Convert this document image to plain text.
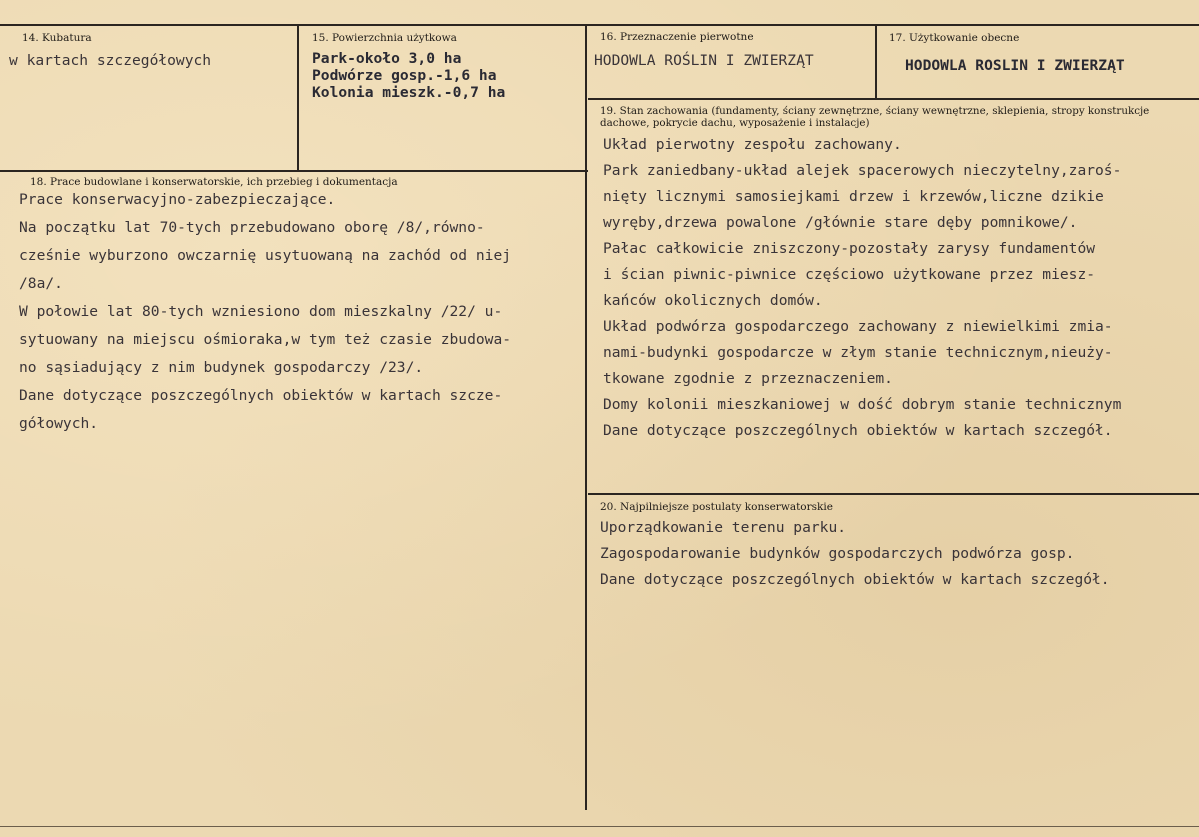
14. Kubatura
w kartach szczegółowych
15. Powierzchnia użytkowa
Park-około 3,0 ha
Podwórze gosp.-1,6 ha
Kolonia mieszk.-0,7 ha
16. Przeznaczenie pierwotne
HODOWLA ROŚLIN I ZWIERZĄT
17. Użytkowanie obecne
HODOWLA ROSLIN I ZWIERZĄT
18. Prace budowlane i konserwatorskie, ich przebieg i dokumentacja
Prace konserwacyjno-zabezpieczające.
Na początku lat 70-tych przebudowano oborę /8/,równo-
cześnie wyburzono owczarnię usytuowaną na zachód od niej
/8a/.
W połowie lat 80-tych wzniesiono dom mieszkalny /22/ u-
sytuowany na miejscu ośmioraka,w tym też czasie zbudowa-
no sąsiadujący z nim budynek gospodarczy /23/.
Dane dotyczące poszczególnych obiektów w kartach szcze-
gółowych.
19. Stan zachowania (fundamenty, ściany zewnętrzne, ściany wewnętrzne, sklepienia, stropy konstrukcje dachowe, pokrycie dachu, wyposażenie i instalacje)
Układ pierwotny zespołu zachowany.
Park zaniedbany-układ alejek spacerowych nieczytelny,zaroś-
nięty licznymi samosiejkami drzew i krzewów,liczne dzikie
wyręby,drzewa powalone /głównie stare dęby pomnikowe/.
Pałac całkowicie zniszczony-pozostały zarysy fundamentów
i ścian piwnic-piwnice częściowo użytkowane przez miesz-
kańców okolicznych domów.
Układ podwórza gospodarczego zachowany z niewielkimi zmia-
nami-budynki gospodarcze w złym stanie technicznym,nieuży-
tkowane zgodnie z przeznaczeniem.
Domy kolonii mieszkaniowej w dość dobrym stanie technicznym
Dane dotyczące poszczególnych obiektów w kartach szczegół.
20. Najpilniejsze postulaty konserwatorskie
Uporządkowanie terenu parku.
Zagospodarowanie budynków gospodarczych podwórza gosp.
Dane dotyczące poszczególnych obiektów w kartach szczegół.
